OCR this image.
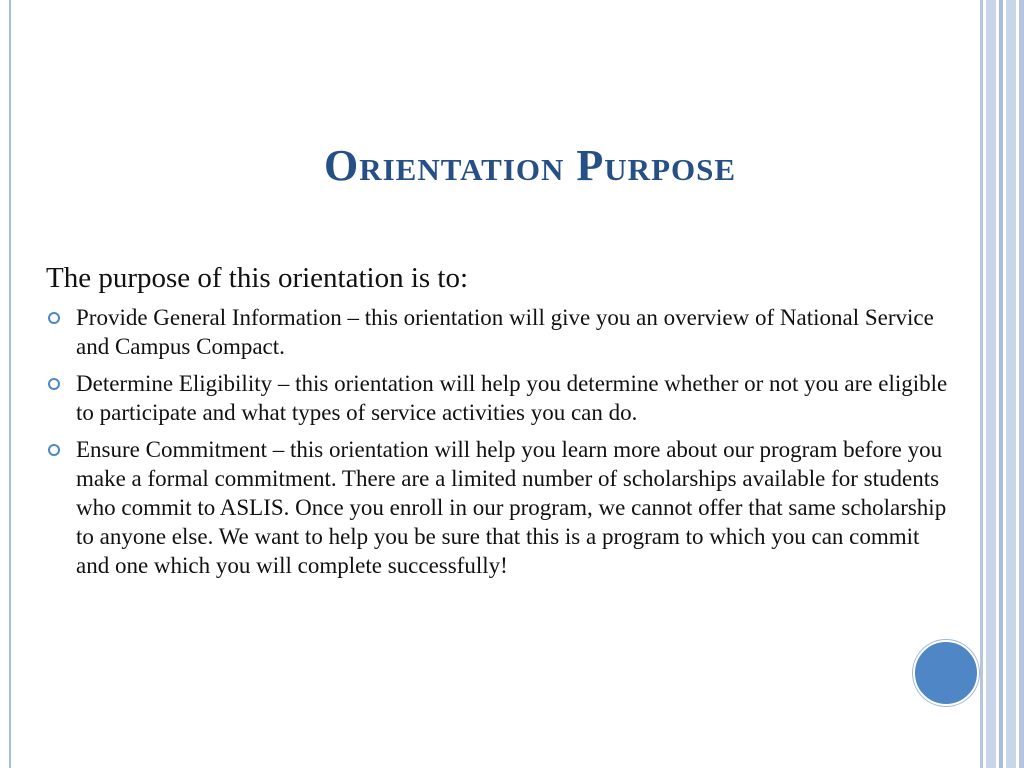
Orientation Purpose

The purpose of this orientation is to:

Provide General Information – this orientation will give you an overview of National Service and Campus Compact.
Determine Eligibility – this orientation will help you determine whether or not you are eligible to participate and what types of service activities you can do.
Ensure Commitment – this orientation will help you learn more about our program before you make a formal commitment. There are a limited number of scholarships available for students who commit to ASLIS. Once you enroll in our program, we cannot offer that same scholarship to anyone else. We want to help you be sure that this is a program to which you can commit and one which you will complete successfully!
